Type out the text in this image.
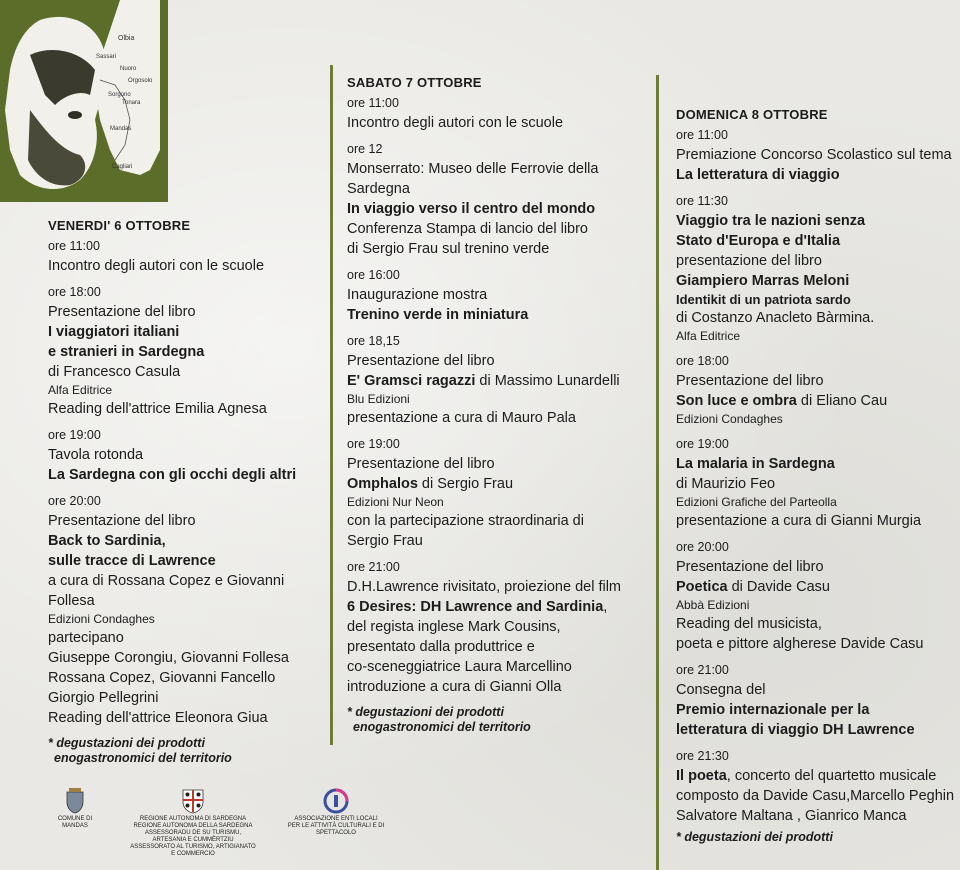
Olbia
Sassari
Nuoro
Orgosolo
Sorgono
Tonara
Mandas
Cagliari
VENERDI' 6 OTTOBRE
ore 11:00
Incontro degli autori con le scuole
ore 18:00
Presentazione del libro
I viaggiatori italiani
e stranieri in Sardegna
di Francesco Casula
Alfa Editrice
Reading dell'attrice Emilia Agnesa
ore 19:00
Tavola rotonda
La Sardegna con gli occhi degli altri
ore 20:00
Presentazione del libro
Back to Sardinia,
sulle tracce di Lawrence
a cura di Rossana Copez e Giovanni Follesa
Edizioni Condaghes
partecipano
Giuseppe Corongiu, Giovanni Follesa
Rossana Copez, Giovanni Fancello
Giorgio Pellegrini
Reading dell'attrice Eleonora Giua
* degustazioni dei prodotti
enogastronomici del territorio
SABATO 7 OTTOBRE
ore 11:00
Incontro degli autori con le scuole
ore 12
Monserrato: Museo delle Ferrovie della Sardegna
In viaggio verso il centro del mondo
Conferenza Stampa di lancio del libro
di Sergio Frau sul trenino verde
ore 16:00
Inaugurazione mostra
Trenino verde in miniatura
ore 18,15
Presentazione del libro
E' Gramsci ragazzi di Massimo Lunardelli
Blu Edizioni
presentazione a cura di Mauro Pala
ore 19:00
Presentazione del libro
Omphalos di Sergio Frau
Edizioni Nur Neon
con la partecipazione straordinaria di
Sergio Frau
ore 21:00
D.H.Lawrence rivisitato, proiezione del film
6 Desires: DH Lawrence and Sardinia,
del regista inglese Mark Cousins,
presentato dalla produttrice e
co-sceneggiatrice Laura Marcellino
introduzione a cura di Gianni Olla
* degustazioni dei prodotti
enogastronomici del territorio
DOMENICA 8 OTTOBRE
ore 11:00
Premiazione Concorso Scolastico sul tema
La letteratura di viaggio
ore 11:30
Viaggio tra le nazioni senza
Stato d'Europa e d'Italia
presentazione del libro
Giampiero Marras Meloni
Identikit di un patriota sardo
di Costanzo Anacleto Bàrmina.
Alfa Editrice
ore 18:00
Presentazione del libro
Son luce e ombra di Eliano Cau
Edizioni Condaghes
ore 19:00
La malaria in Sardegna
di Maurizio Feo
Edizioni Grafiche del Parteolla
presentazione a cura di Gianni Murgia
ore 20:00
Presentazione del libro
Poetica di Davide Casu
Abbà Edizioni
Reading del musicista,
poeta e pittore algherese Davide Casu
ore 21:00
Consegna del
Premio internazionale per la
letteratura di viaggio DH Lawrence
ore 21:30
Il poeta, concerto del quartetto musicale
composto da Davide Casu,Marcello Peghin
Salvatore Maltana , Gianrico Manca
* degustazioni dei prodotti
COMUNE DI MANDAS
REGIONE AUTONOMA DI SARDEGNA
REGIONE AUTONOMA DELLA SARDEGNA
ASSESSORADU DE SU TURISMU, ARTESANIA E CUMMÈRTZIU
ASSESSORATO AL TURISMO, ARTIGIANATO E COMMERCIO
ASSOCIAZIONE ENTI LOCALI
PER LE ATTIVITÀ CULTURALI E DI SPETTACOLO
